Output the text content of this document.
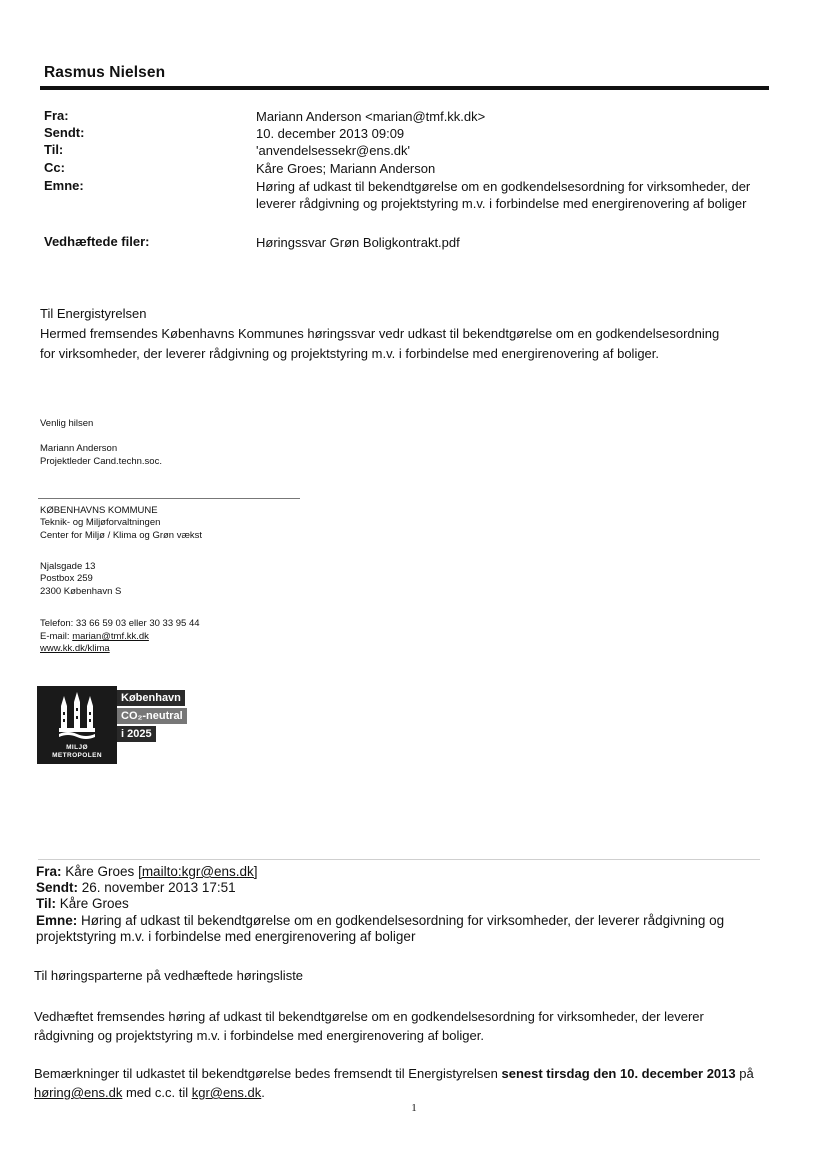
Rasmus Nielsen
Fra:	Mariann Anderson <marian@tmf.kk.dk>
Sendt:	10. december 2013 09:09
Til:	'anvendelsessekr@ens.dk'
Cc:	Kåre Groes; Mariann Anderson
Emne:	Høring af udkast til bekendtgørelse om en godkendelsesordning for virksomheder, der leverer rådgivning og projektstyring m.v. i forbindelse med energirenovering af boliger
Vedhæftede filer:	Høringssvar Grøn Boligkontrakt.pdf
Til Energistyrelsen
Hermed fremsendes Københavns Kommunes høringssvar vedr udkast til bekendtgørelse om en godkendelsesordning for virksomheder, der leverer rådgivning og projektstyring m.v. i forbindelse med energirenovering af boliger.
Venlig hilsen
Mariann Anderson
Projektleder Cand.techn.soc.
KØBENHAVNS KOMMUNE
Teknik- og Miljøforvaltningen
Center for Miljø / Klima og Grøn vækst
Njalsgade 13
Postbox 259
2300 København S
Telefon: 33 66 59 03 eller 30 33 95 44
E-mail: marian@tmf.kk.dk
www.kk.dk/klima
MILJØ
METROPOLEN
København
CO₂-neutral
i 2025
Fra: Kåre Groes [mailto:kgr@ens.dk]
Sendt: 26. november 2013 17:51
Til: Kåre Groes
Emne: Høring af udkast til bekendtgørelse om en godkendelsesordning for virksomheder, der leverer rådgivning og projektstyring m.v. i forbindelse med energirenovering af boliger
Til høringsparterne på vedhæftede høringsliste
Vedhæftet fremsendes høring af udkast til bekendtgørelse om en godkendelsesordning for virksomheder, der leverer rådgivning og projektstyring m.v. i forbindelse med energirenovering af boliger.
Bemærkninger til udkastet til bekendtgørelse bedes fremsendt til Energistyrelsen senest tirsdag den 10. december 2013 på høring@ens.dk med c.c. til kgr@ens.dk.
1
